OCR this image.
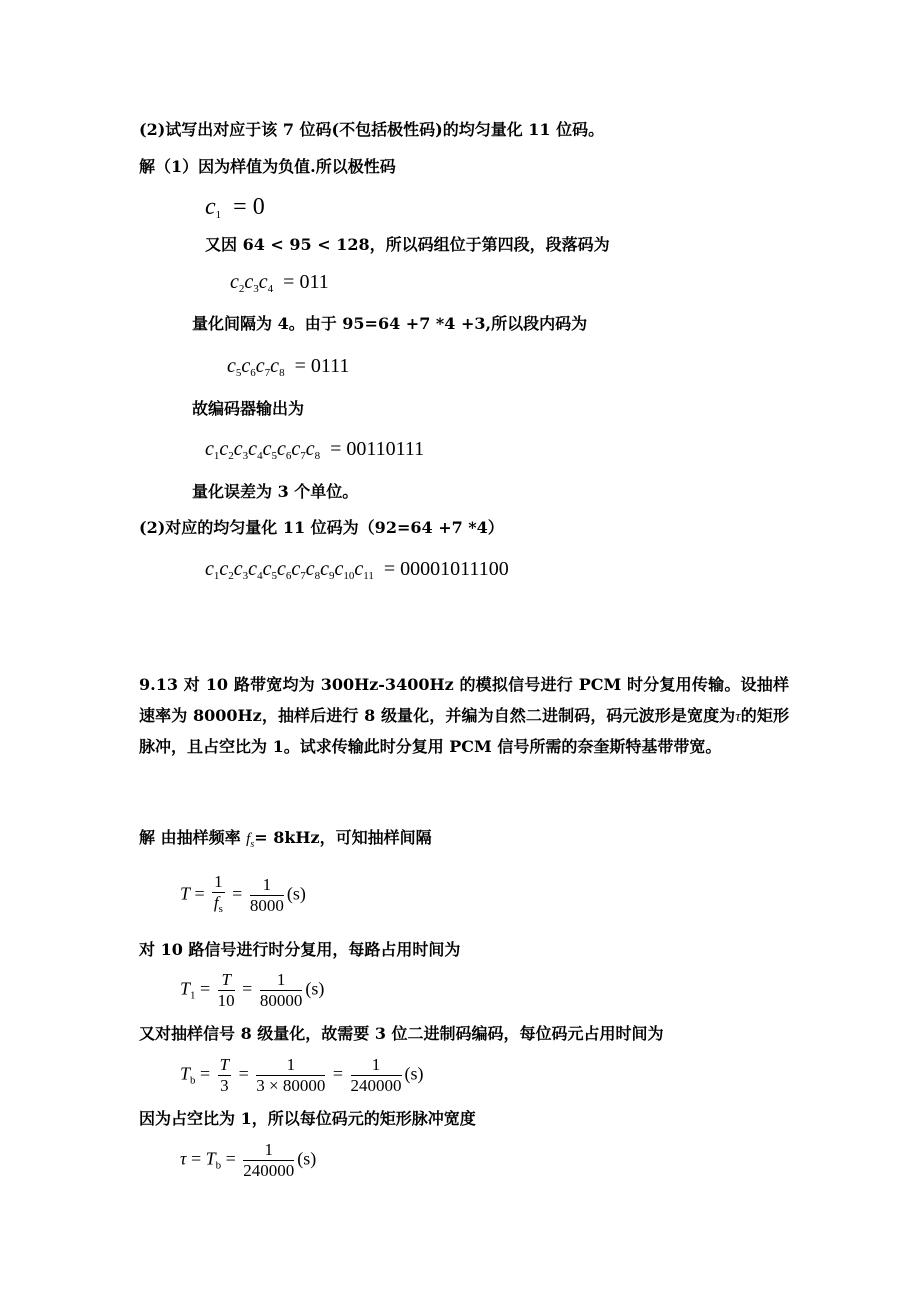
(2)试写出对应于该 7 位码(不包括极性码)的均匀量化 11 位码。
解（1）因为样值为负值.所以极性码
$c_1 = 0$
又因 64 < 95 < 128，所以码组位于第四段，段落码为
$c_2c_3c_4 = 011$
量化间隔为 4。由于 95=64 +7 *4 +3,所以段内码为
$c_5c_6c_7c_8 = 0111$
故编码器输出为
$c_1c_2c_3c_4c_5c_6c_7c_8 = 00110111$
量化误差为 3 个单位。
(2)对应的均匀量化 11 位码为（92=64 +7 *4）
$c_1c_2c_3c_4c_5c_6c_7c_8c_9c_{10}c_{11} = 00001011100$
9.13 对 10 路带宽均为 300Hz-3400Hz 的模拟信号进行 PCM 时分复用传输。设抽样速率为 8000Hz，抽样后进行 8 级量化，并编为自然二进制码，码元波形是宽度为τ的矩形脉冲，且占空比为 1。试求传输此时分复用 PCM 信号所需的奈奎斯特基带带宽。
解 由抽样频率 $f_s= 8kHz$，可知抽样间隔
$T = \frac{1}{f_s} = \frac{1}{8000} (s)$
对 10 路信号进行时分复用，每路占用时间为
$T_1 = \frac{T}{10} = \frac{1}{80000} (s)$
又对抽样信号 8 级量化，故需要 3 位二进制码编码，每位码元占用时间为
$T_b = \frac{T}{3} = \frac{1}{3 \times 80000} = \frac{1}{240000} (s)$
因为占空比为 1，所以每位码元的矩形脉冲宽度
$\tau = T_b = \frac{1}{240000} (s)$
